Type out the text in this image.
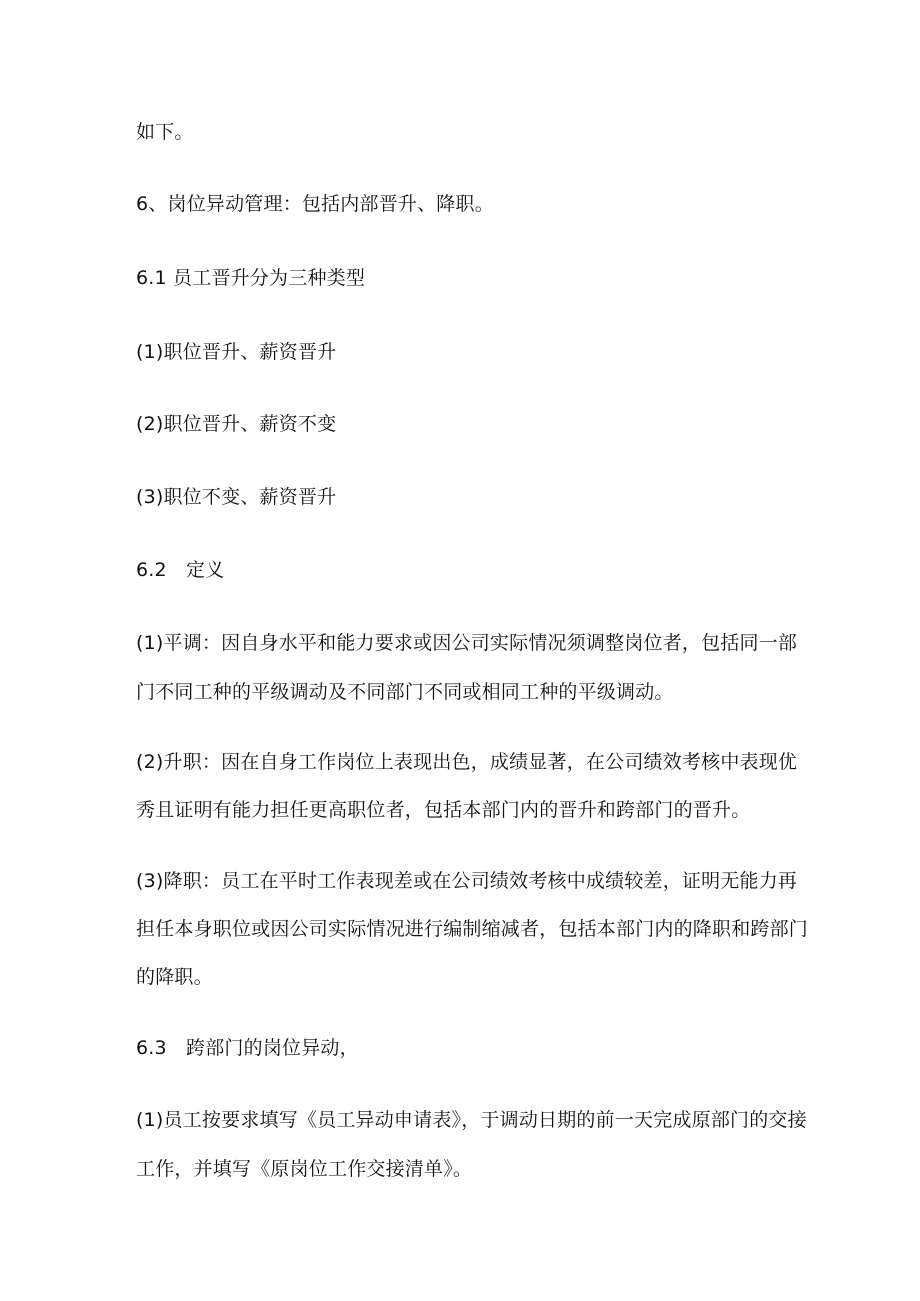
如下。

6、岗位异动管理：包括内部晋升、降职。

6.1 员工晋升分为三种类型

(1)职位晋升、薪资晋升

(2)职位晋升、薪资不变

(3)职位不变、薪资晋升

6.2　定义

(1)平调：因自身水平和能力要求或因公司实际情况须调整岗位者，包括同一部

门不同工种的平级调动及不同部门不同或相同工种的平级调动。

(2)升职：因在自身工作岗位上表现出色，成绩显著，在公司绩效考核中表现优

秀且证明有能力担任更高职位者，包括本部门内的晋升和跨部门的晋升。

(3)降职：员工在平时工作表现差或在公司绩效考核中成绩较差，证明无能力再

担任本身职位或因公司实际情况进行编制缩减者，包括本部门内的降职和跨部门

的降职。

6.3　跨部门的岗位异动，

(1)员工按要求填写《员工异动申请表》，于调动日期的前一天完成原部门的交接

工作，并填写《原岗位工作交接清单》。
